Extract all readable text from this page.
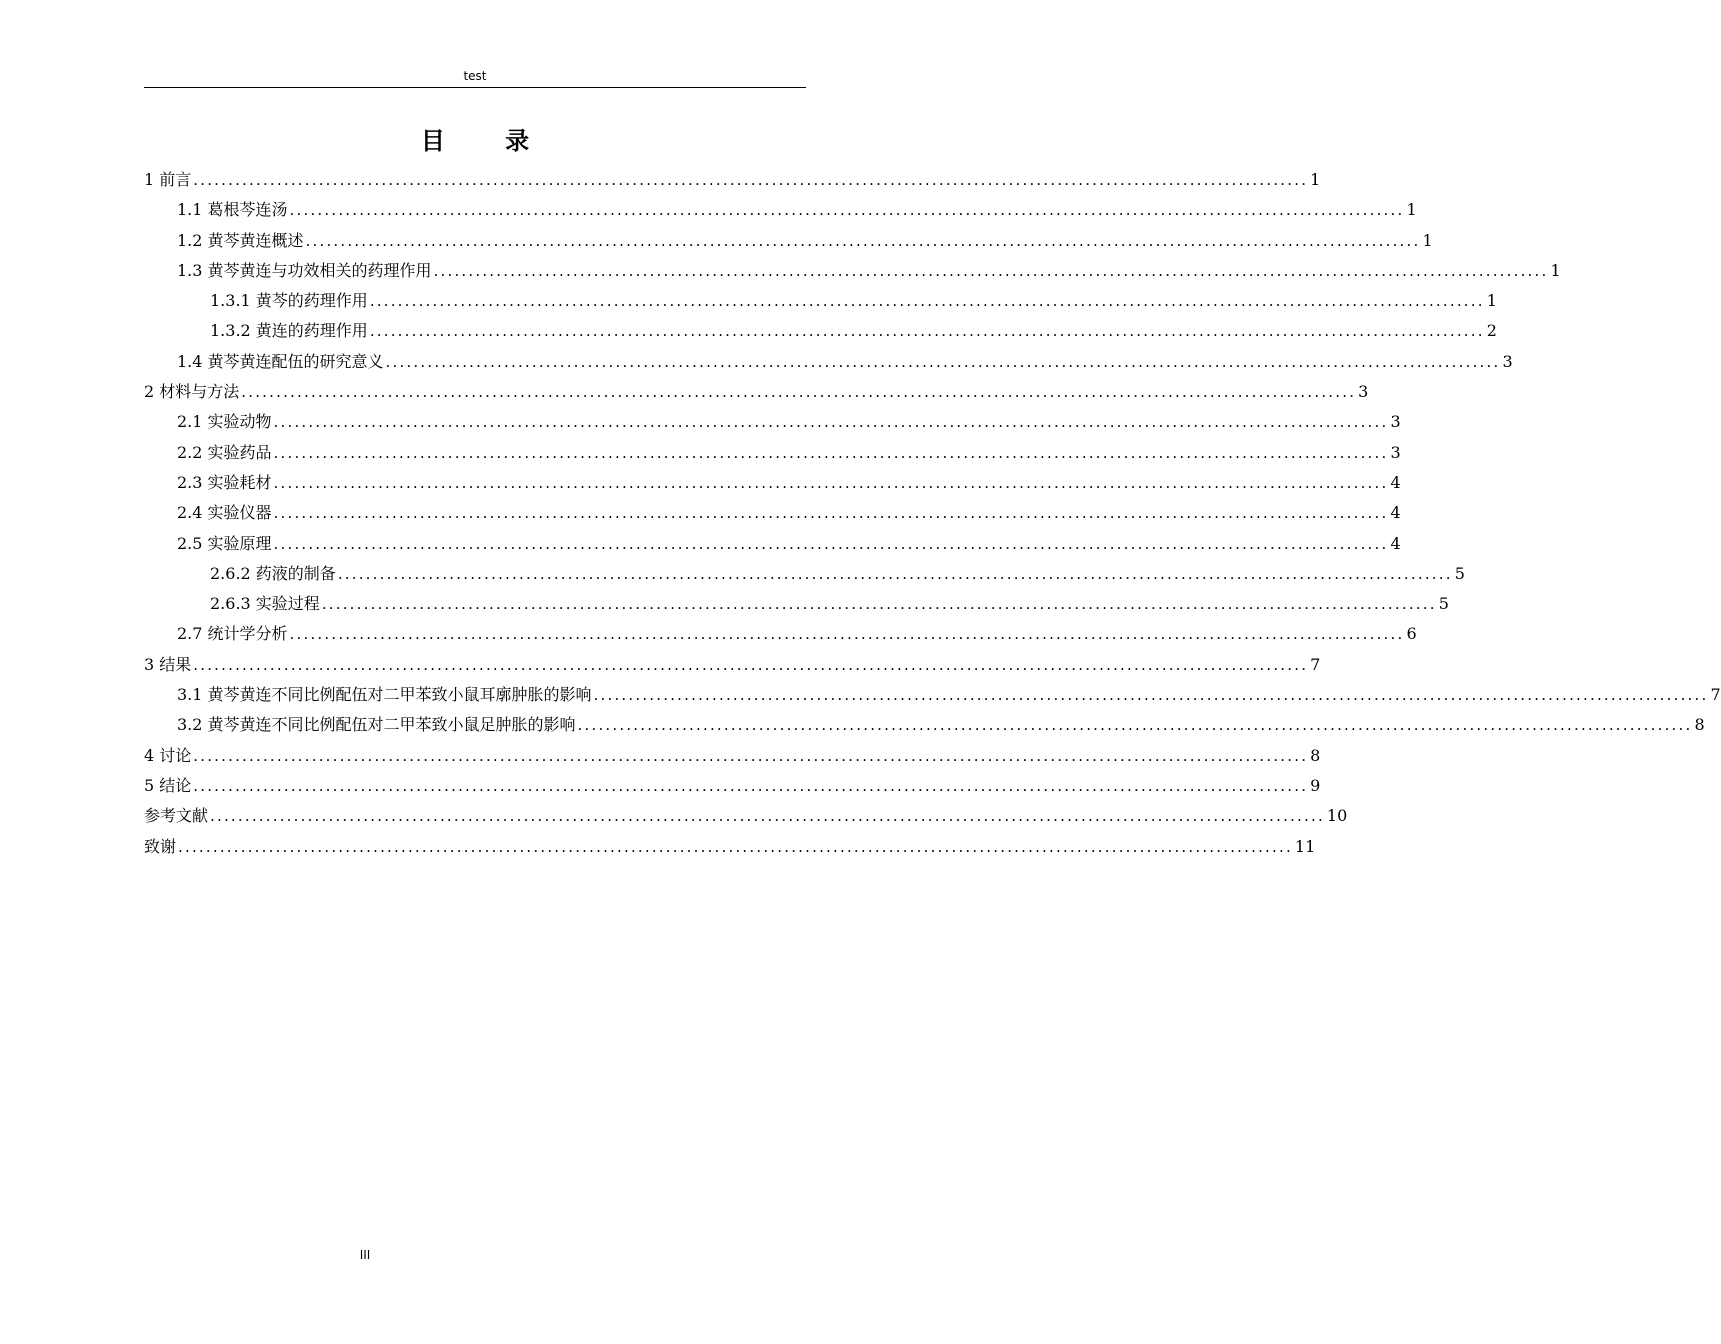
test
目 录
1 前言 ................................................................................................................................................................ 1
1.1 葛根芩连汤 ................................................................................................................................................................ 1
1.2 黄芩黄连概述 ................................................................................................................................................................ 1
1.3 黄芩黄连与功效相关的药理作用 ................................................................................................................................................................ 1
1.3.1 黄芩的药理作用 ................................................................................................................................................................ 1
1.3.2 黄连的药理作用 ................................................................................................................................................................ 2
1.4 黄芩黄连配伍的研究意义 ................................................................................................................................................................ 3
2 材料与方法 ................................................................................................................................................................ 3
2.1 实验动物 ................................................................................................................................................................ 3
2.2 实验药品 ................................................................................................................................................................ 3
2.3 实验耗材 ................................................................................................................................................................ 4
2.4 实验仪器 ................................................................................................................................................................ 4
2.5 实验原理 ................................................................................................................................................................ 4
2.6.2 药液的制备 ................................................................................................................................................................ 5
2.6.3 实验过程 ................................................................................................................................................................ 5
2.7 统计学分析 ................................................................................................................................................................ 6
3 结果 ................................................................................................................................................................ 7
3.1 黄芩黄连不同比例配伍对二甲苯致小鼠耳廓肿胀的影响 ................................................................................................................................................................ 7
3.2 黄芩黄连不同比例配伍对二甲苯致小鼠足肿胀的影响 ................................................................................................................................................................ 8
4 讨论 ................................................................................................................................................................ 8
5 结论 ................................................................................................................................................................ 9
参考文献 ................................................................................................................................................................ 10
致谢 ................................................................................................................................................................ 11
III
